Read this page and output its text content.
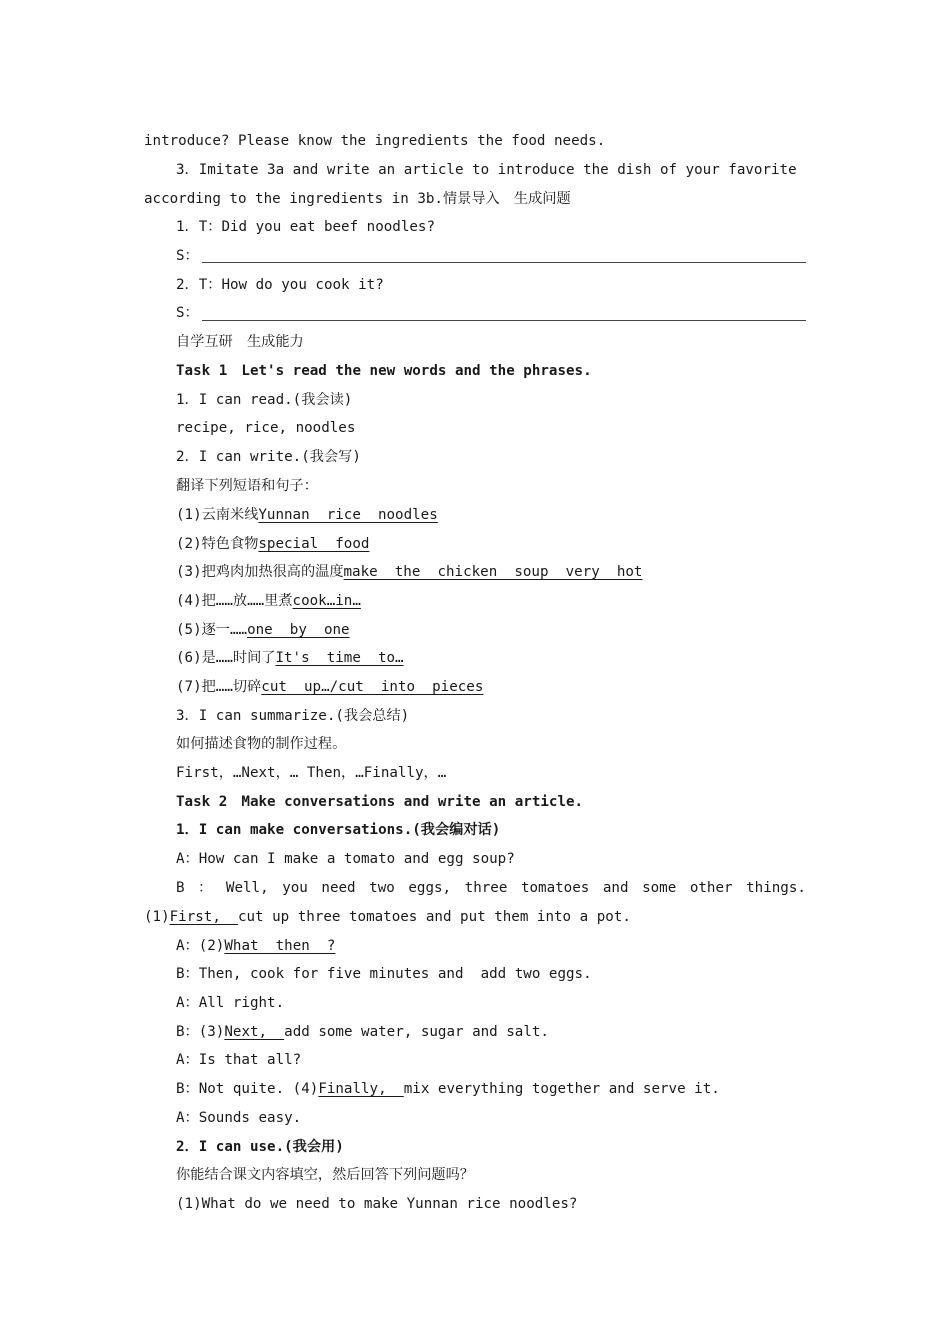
introduce? Please know the ingredients the food needs.
3．Imitate 3a and write an article to introduce the dish of your favorite
according to the ingredients in 3b.情景导入　生成问题
1．T：Did you eat beef noodles?
S：
2．T：How do you cook it?
S：
自学互研　生成能力
Task 1　Let's read the new words and the phrases.
1．I can read.(我会读)
recipe, rice, noodles
2．I can write.(我会写)
翻译下列短语和句子：
(1)云南米线Yunnan  rice  noodles
(2)特色食物special  food
(3)把鸡肉加热很高的温度make  the  chicken  soup  very  hot
(4)把……放……里煮cook…in…
(5)逐一……one  by  one
(6)是……时间了It's  time  to…
(7)把……切碎cut  up…/cut  into  pieces
3．I can summarize.(我会总结)
如何描述食物的制作过程。
First，…Next，… Then，…Finally，…
Task 2　Make conversations and write an article.
1．I can make conversations.(我会编对话)
A：How can I make a tomato and egg soup?
B ： Well, you need two eggs, three tomatoes and some other things.
(1)First,  cut up three tomatoes and put them into a pot.
A：(2)What  then  ?
B：Then, cook for five minutes and  add two eggs.
A：All right.
B：(3)Next,  add some water, sugar and salt.
A：Is that all?
B：Not quite. (4)Finally,  mix everything together and serve it.
A：Sounds easy.
2．I can use.(我会用)
你能结合课文内容填空，然后回答下列问题吗？
(1)What do we need to make Yunnan rice noodles?
